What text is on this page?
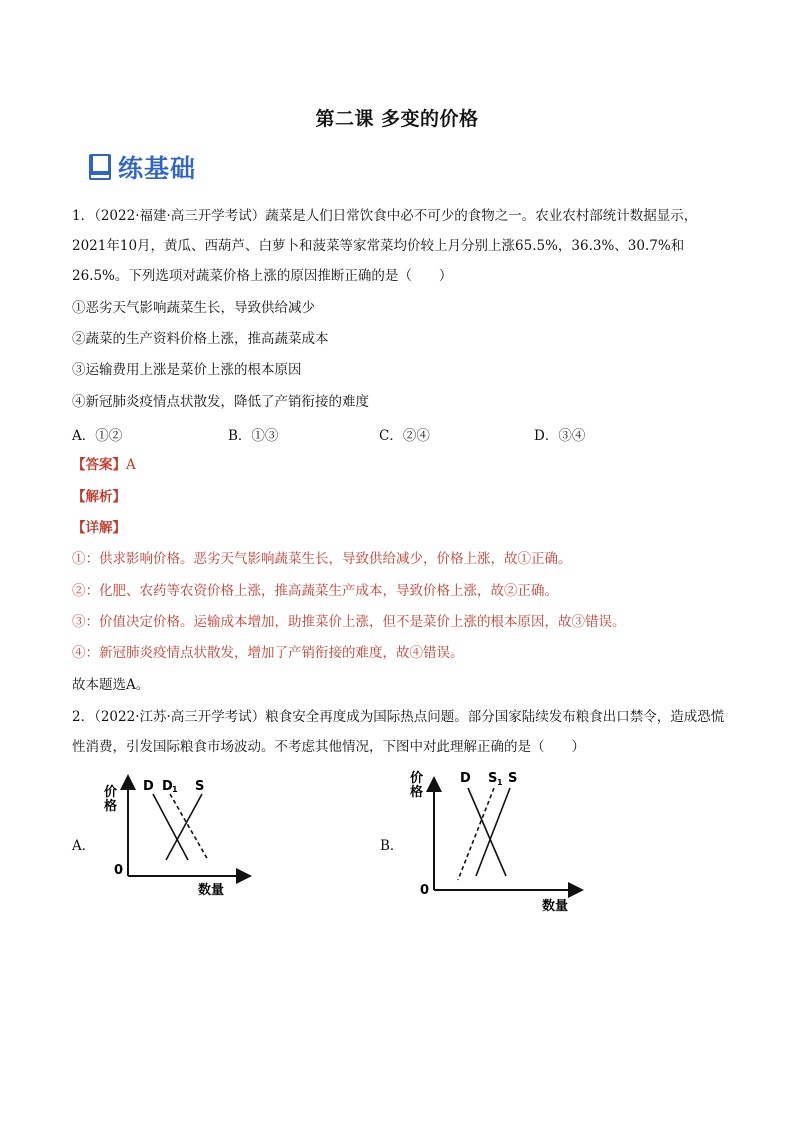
第二课 多变的价格
练基础
1．（2022·福建·高三开学考试）蔬菜是人们日常饮食中必不可少的食物之一。农业农村部统计数据显示，2021年10月，黄瓜、西葫芦、白萝卜和菠菜等家常菜均价较上月分别上涨65.5%，36.3%、30.7%和26.5%。下列选项对蔬菜价格上涨的原因推断正确的是（　　）
①恶劣天气影响蔬菜生长，导致供给减少
②蔬菜的生产资料价格上涨，推高蔬菜成本
③运输费用上涨是菜价上涨的根本原因
④新冠肺炎疫情点状散发，降低了产销衔接的难度
A．①②	B．①③	C．②④	D．③④
【答案】A
【解析】
【详解】
①：供求影响价格。恶劣天气影响蔬菜生长，导致供给减少，价格上涨，故①正确。
②：化肥、农药等农资价格上涨，推高蔬菜生产成本，导致价格上涨，故②正确。
③：价值决定价格。运输成本增加，助推菜价上涨，但不是菜价上涨的根本原因，故③错误。
④：新冠肺炎疫情点状散发，增加了产销衔接的难度，故④错误。
故本题选A。
2．（2022·江苏·高三开学考试）粮食安全再度成为国际热点问题。部分国家陆续发布粮食出口禁令，造成恐慌性消费，引发国际粮食市场波动。不考虑其他情况，下图中对此理解正确的是（　　）
A．
价
格
0
数量
D D 1 S
B．
价
格
0
数量
D S 1 S
